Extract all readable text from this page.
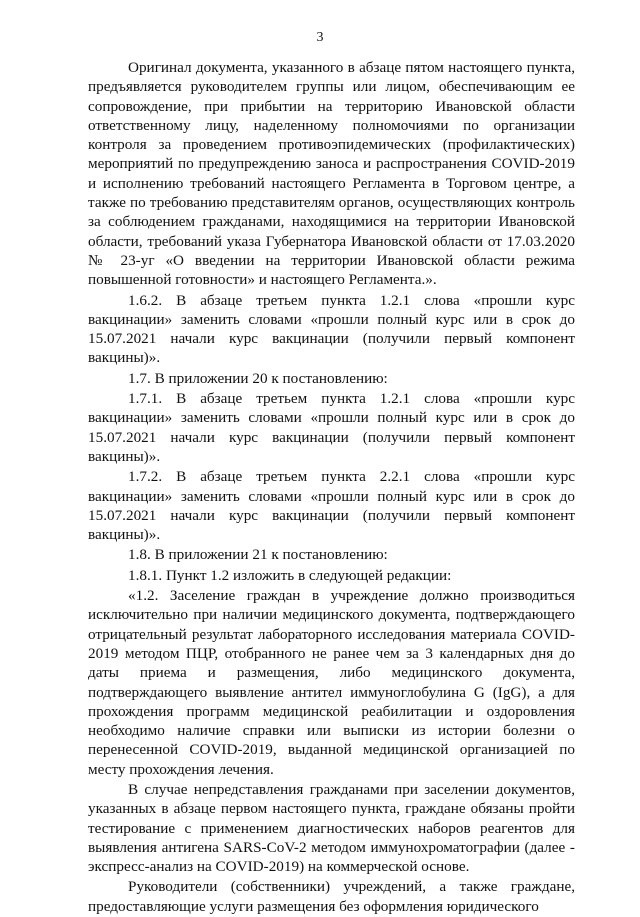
3

Оригинал документа, указанного в абзаце пятом настоящего пункта, предъявляется руководителем группы или лицом, обеспечивающим ее сопровождение, при прибытии на территорию Ивановской области ответственному лицу, наделенному полномочиями по организации контроля за проведением противоэпидемических (профилактических) мероприятий по предупреждению заноса и распространения COVID-2019 и исполнению требований настоящего Регламента в Торговом центре, а также по требованию представителям органов, осуществляющих контроль за соблюдением гражданами, находящимися на территории Ивановской области, требований указа Губернатора Ивановской области от 17.03.2020 № 23-уг «О введении на территории Ивановской области режима повышенной готовности» и настоящего Регламента.».

1.6.2. В абзаце третьем пункта 1.2.1 слова «прошли курс вакцинации» заменить словами «прошли полный курс или в срок до 15.07.2021 начали курс вакцинации (получили первый компонент вакцины)».

1.7. В приложении 20 к постановлению:

1.7.1. В абзаце третьем пункта 1.2.1 слова «прошли курс вакцинации» заменить словами «прошли полный курс или в срок до 15.07.2021 начали курс вакцинации (получили первый компонент вакцины)».

1.7.2. В абзаце третьем пункта 2.2.1 слова «прошли курс вакцинации» заменить словами «прошли полный курс или в срок до 15.07.2021 начали курс вакцинации (получили первый компонент вакцины)».

1.8. В приложении 21 к постановлению:

1.8.1. Пункт 1.2 изложить в следующей редакции:

«1.2. Заселение граждан в учреждение должно производиться исключительно при наличии медицинского документа, подтверждающего отрицательный результат лабораторного исследования материала COVID-2019 методом ПЦР, отобранного не ранее чем за 3 календарных дня до даты приема и размещения, либо медицинского документа, подтверждающего выявление антител иммуноглобулина G (IgG), а для прохождения программ медицинской реабилитации и оздоровления необходимо наличие справки или выписки из истории болезни о перенесенной COVID-2019, выданной медицинской организацией по месту прохождения лечения.

В случае непредставления гражданами при заселении документов, указанных в абзаце первом настоящего пункта, граждане обязаны пройти тестирование с применением диагностических наборов реагентов для выявления антигена SARS-CoV-2 методом иммунохроматографии (далее - экспресс-анализ на COVID-2019) на коммерческой основе.

Руководители (собственники) учреждений, а также граждане, предоставляющие услуги размещения без оформления юридического
